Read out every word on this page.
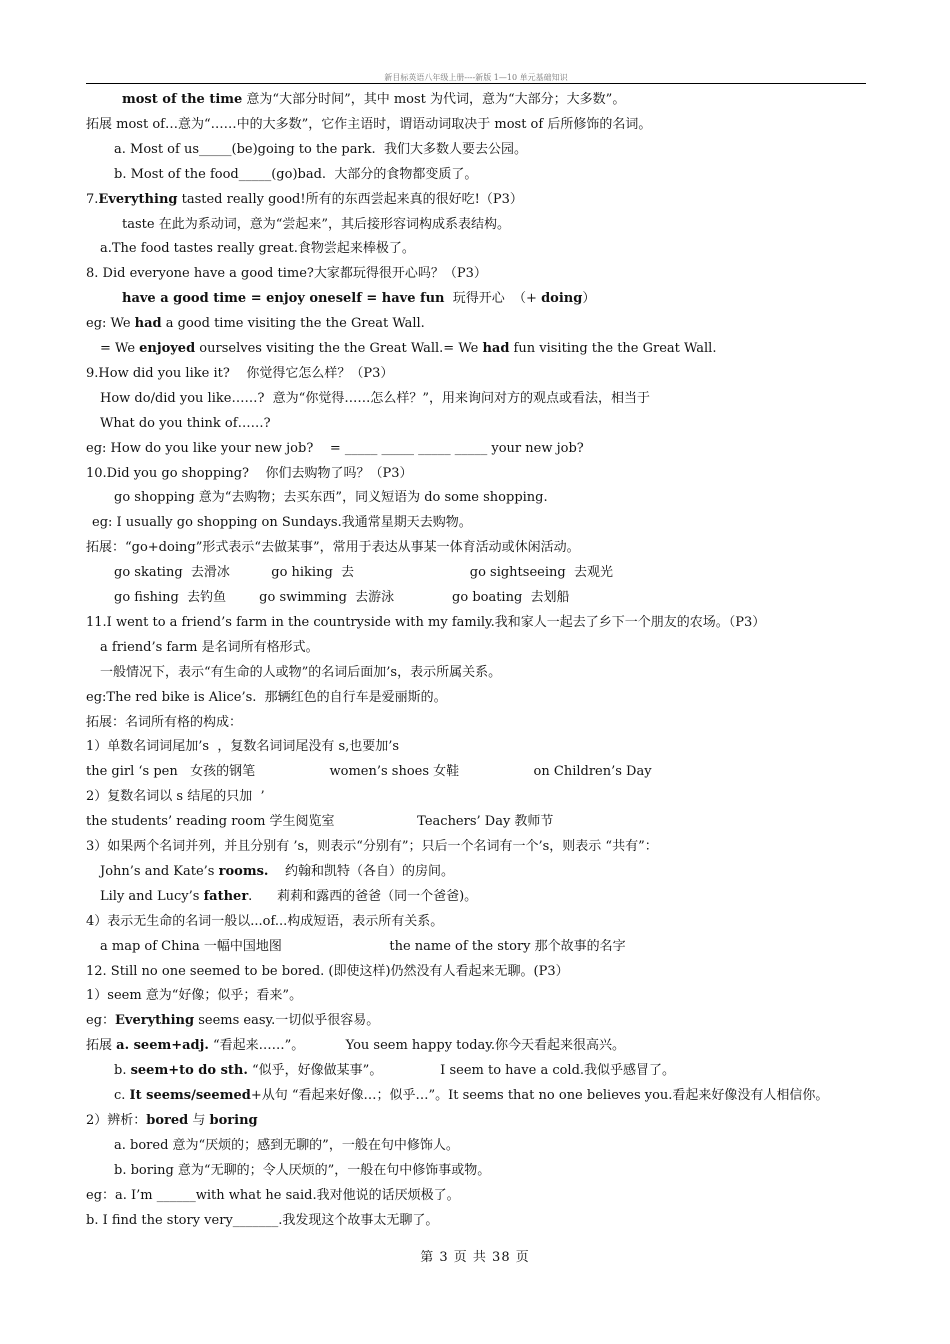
新目标英语八年级上册----新版 1—10 单元基础知识
most of the time 意为“大部分时间”，其中 most 为代词，意为“大部分；大多数”。
拓展 most of…意为“……中的大多数”，它作主语时，谓语动词取决于 most of 后所修饰的名词。
a. Most of us_____(be)going to the park.  我们大多数人要去公园。
b. Most of the food_____(go)bad.  大部分的食物都变质了。
7.Everything tasted really good!所有的东西尝起来真的很好吃!（P3）
taste 在此为系动词，意为“尝起来”，其后接形容词构成系表结构。
a.The food tastes really great.食物尝起来棒极了。
8. Did everyone have a good time?大家都玩得很开心吗？（P3）
have a good time = enjoy oneself = have fun  玩得开心  （+ doing）
eg: We had a good time visiting the the Great Wall.
= We enjoyed ourselves visiting the the Great Wall.= We had fun visiting the the Great Wall.
9.How did you like it?    你觉得它怎么样？（P3）
How do/did you like……?  意为“你觉得……怎么样？”，用来询问对方的观点或看法，相当于
What do you think of……?
eg: How do you like your new job?    = _____ _____ _____ _____ your new job?
10.Did you go shopping?    你们去购物了吗？（P3）
go shopping 意为“去购物；去买东西”，同义短语为 do some shopping.
eg: I usually go shopping on Sundays.我通常星期天去购物。
拓展：“go+doing”形式表示“去做某事”，常用于表达从事某一体育活动或休闲活动。
go skating  去滑冰          go hiking  去                            go sightseeing  去观光
go fishing  去钓鱼        go swimming  去游泳              go boating  去划船
11.I went to a friend’s farm in the countryside with my family.我和家人一起去了乡下一个朋友的农场。（P3）
a friend’s farm 是名词所有格形式。
一般情况下，表示“有生命的人或物”的名词后面加’s，表示所属关系。
eg:The red bike is Alice’s.  那辆红色的自行车是爱丽斯的。
拓展：名词所有格的构成：
1）单数名词词尾加’s  ，复数名词词尾没有 s,也要加’s
the girl ‘s pen   女孩的钢笔                  women’s shoes 女鞋                  on Children’s Day
2）复数名词以 s 结尾的只加  ’
the students’ reading room 学生阅览室                    Teachers’ Day 教师节
3）如果两个名词并列，并且分别有 ’s，则表示“分别有”；只后一个名词有一个’s，则表示 “共有”：
John’s and Kate’s rooms.    约翰和凯特（各自）的房间。
Lily and Lucy’s father.      莉莉和露西的爸爸（同一个爸爸)。
4）表示无生命的名词一般以...of...构成短语，表示所有关系。
a map of China 一幅中国地图                          the name of the story 那个故事的名字
12. Still no one seemed to be bored. (即使这样)仍然没有人看起来无聊。(P3）
1）seem 意为“好像；似乎；看来”。
eg：Everything seems easy.一切似乎很容易。
拓展 a. seem+adj. “看起来……”。          You seem happy today.你今天看起来很高兴。
b. seem+to do sth. “似乎，好像做某事”。              I seem to have a cold.我似乎感冒了。
c. It seems/seemed+从句 “看起来好像…；似乎…”。It seems that no one believes you.看起来好像没有人相信你。
2）辨析：bored 与 boring
a. bored 意为“厌烦的；感到无聊的”，一般在句中修饰人。
b. boring 意为“无聊的；令人厌烦的”，一般在句中修饰事或物。
eg：a. I’m ______with what he said.我对他说的话厌烦极了。
b. I find the story very_______.我发现这个故事太无聊了。
第 3 页 共 38 页
